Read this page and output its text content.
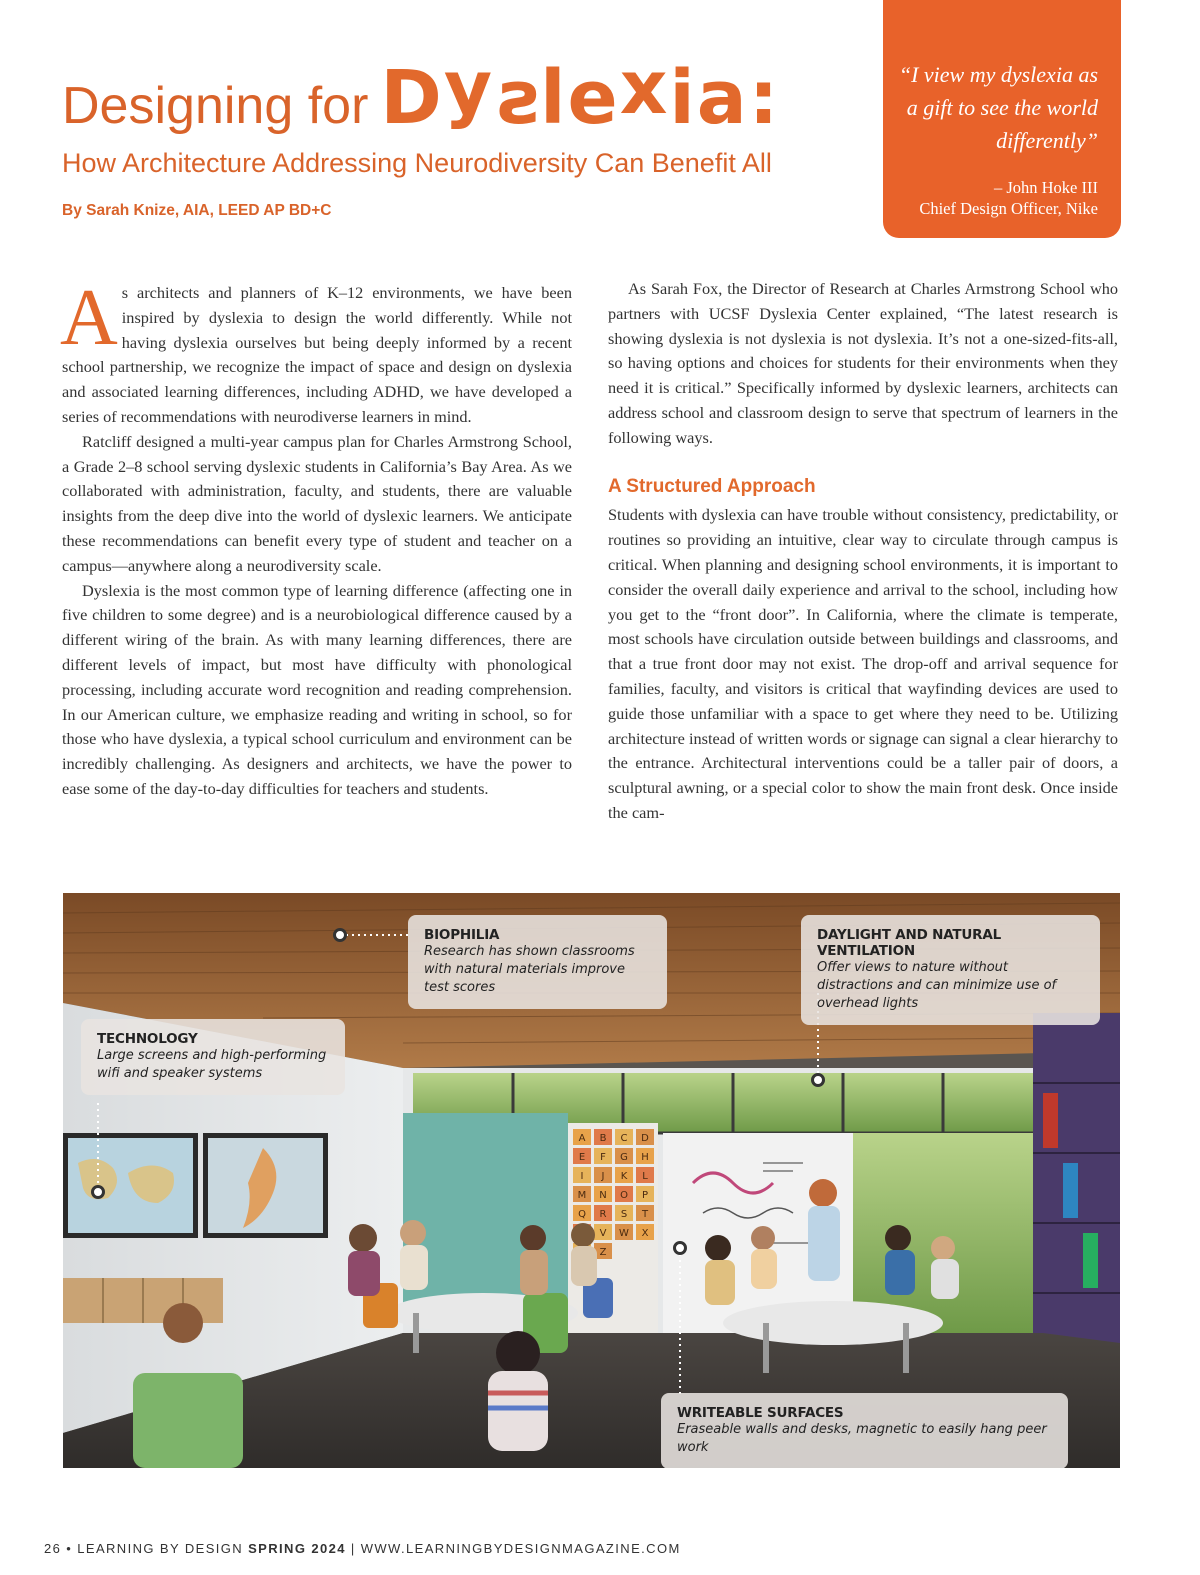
Designing for Dyslexia:
How Architecture Addressing Neurodiversity Can Benefit All
By Sarah Knize, AIA, LEED AP BD+C
“I view my dyslexia as a gift to see the world differently”
– John Hoke III
Chief Design Officer, Nike
A s architects and planners of K–12 environments, we have been inspired by dyslexia to design the world differently. While not having dyslexia ourselves but being deeply informed by a recent school partnership, we recognize the impact of space and design on dyslexia and associated learning differences, including ADHD, we have developed a series of recommendations with neurodiverse learners in mind.

Ratcliff designed a multi-year campus plan for Charles Armstrong School, a Grade 2–8 school serving dyslexic students in California’s Bay Area. As we collaborated with administration, faculty, and students, there are valuable insights from the deep dive into the world of dyslexic learners. We anticipate these recommendations can benefit every type of student and teacher on a campus—anywhere along a neurodiversity scale.

Dyslexia is the most common type of learning difference (affecting one in five children to some degree) and is a neurobiological difference caused by a different wiring of the brain. As with many learning differences, there are different levels of impact, but most have difficulty with phonological processing, including accurate word recognition and reading comprehension. In our American culture, we emphasize reading and writing in school, so for those who have dyslexia, a typical school curriculum and environment can be incredibly challenging. As designers and architects, we have the power to ease some of the day-to-day difficulties for teachers and students.

As Sarah Fox, the Director of Research at Charles Armstrong School who partners with UCSF Dyslexia Center explained, “The latest research is showing dyslexia is not dyslexia is not dyslexia. It’s not a one-sized-fits-all, so having options and choices for students for their environments when they need it is critical.” Specifically informed by dyslexic learners, architects can address school and classroom design to serve that spectrum of learners in the following ways.

A Structured Approach

Students with dyslexia can have trouble without consistency, predictability, or routines so providing an intuitive, clear way to circulate through campus is critical. When planning and designing school environments, it is important to consider the overall daily experience and arrival to the school, including how you get to the “front door”. In California, where the climate is temperate, most schools have circulation outside between buildings and classrooms, and that a true front door may not exist. The drop-off and arrival sequence for families, faculty, and visitors is critical that wayfinding devices are used to guide those unfamiliar with a space to get where they need to be. Utilizing architecture instead of written words or signage can signal a clear hierarchy to the entrance. Architectural interventions could be a taller pair of doors, a sculptural awning, or a special color to show the main front desk. Once inside the cam-

A B C D
E F G H
I J K L
M N O P
Q R S T
V W X
Z
BIOPHILIA
Research has shown classrooms with natural materials improve test scores
DAYLIGHT AND NATURAL VENTILATION
Offer views to nature without distractions and can minimize use of overhead lights
TECHNOLOGY
Large screens and high-performing wifi and speaker systems
WRITEABLE SURFACES
Eraseable walls and desks, magnetic to easily hang peer work
26 • LEARNING BY DESIGN SPRING 2024 | WWW.LEARNINGBYDESIGNMAGAZINE.COM
